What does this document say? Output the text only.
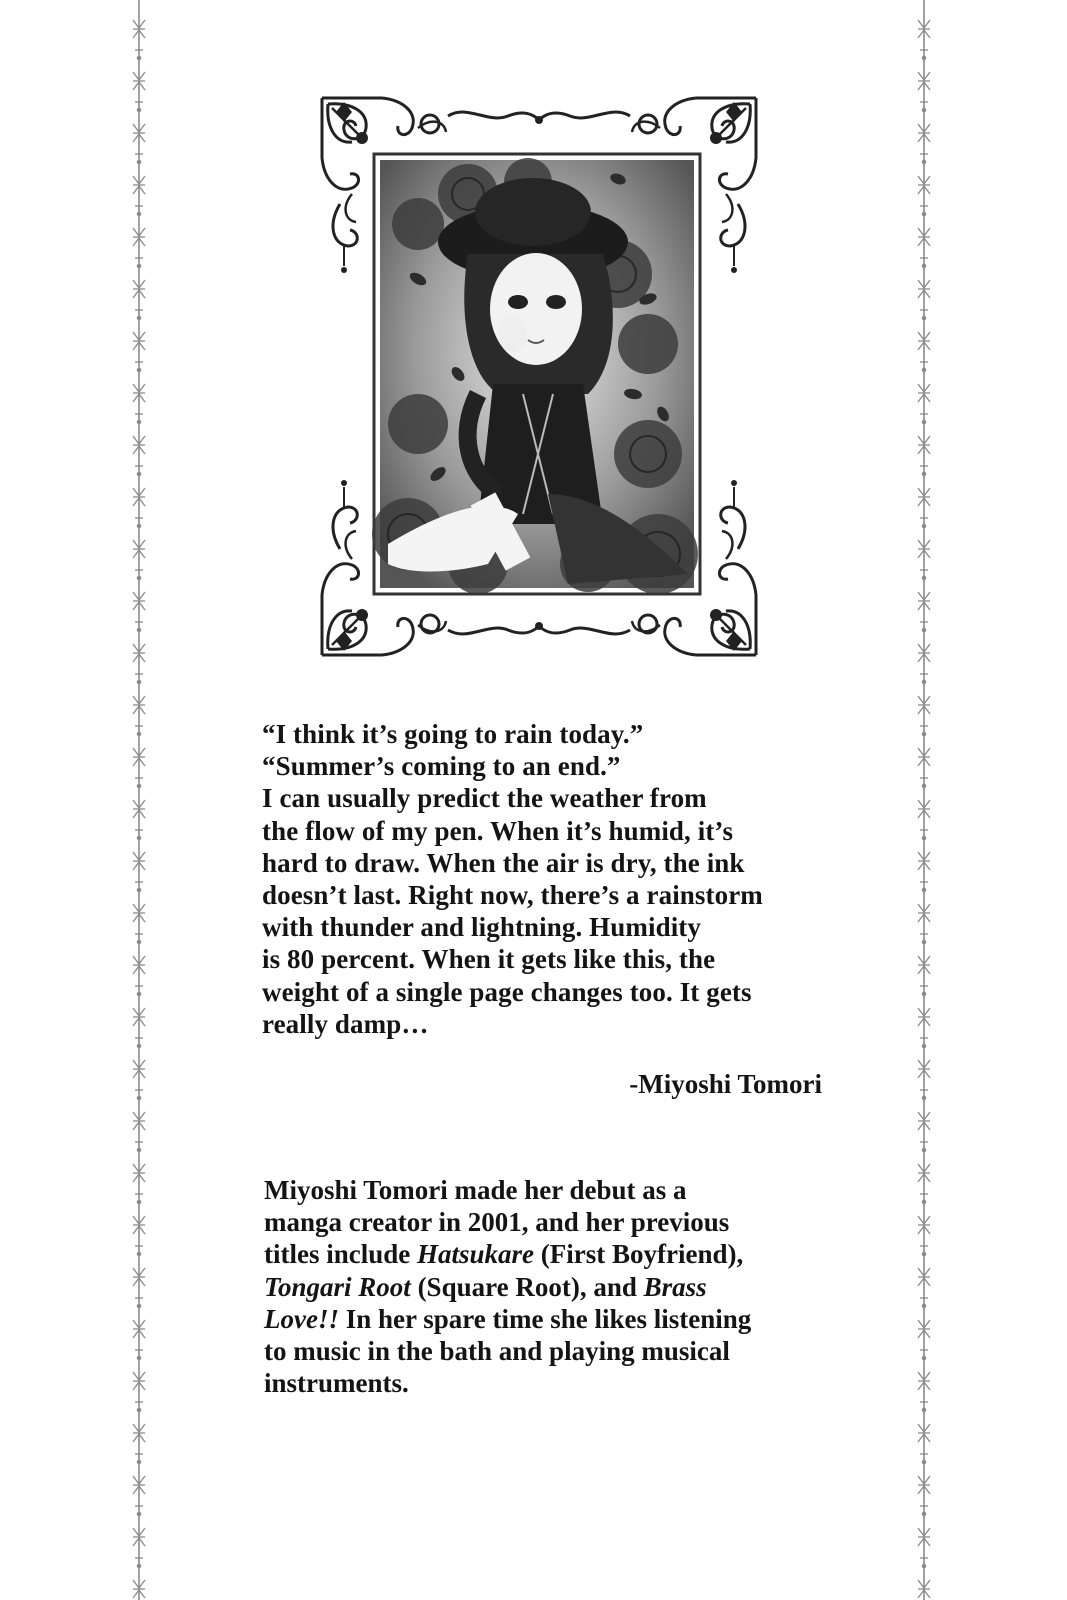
“I think it’s going to rain today.”

“Summer’s coming to an end.”

I can usually predict the weather from

the flow of my pen. When it’s humid, it’s

hard to draw. When the air is dry, the ink

doesn’t last. Right now, there’s a rainstorm

with thunder and lightning. Humidity

is 80 percent. When it gets like this, the

weight of a single page changes too. It gets

really damp…

-Miyoshi Tomori

Miyoshi Tomori made her debut as a

manga creator in 2001, and her previous

titles include Hatsukare (First Boyfriend),

Tongari Root (Square Root), and Brass

Love!! In her spare time she likes listening

to music in the bath and playing musical

instruments.
